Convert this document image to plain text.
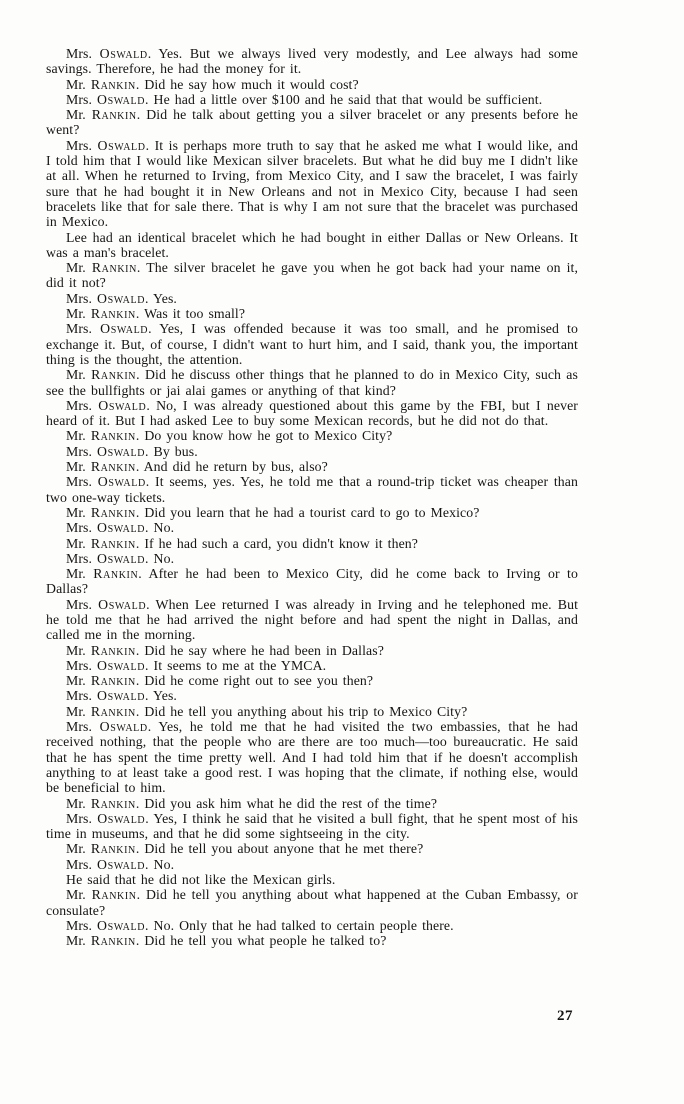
Mrs. Oswald. Yes. But we always lived very modestly, and Lee always had some savings. Therefore, he had the money for it.

Mr. Rankin. Did he say how much it would cost?

Mrs. Oswald. He had a little over $100 and he said that that would be sufficient.

Mr. Rankin. Did he talk about getting you a silver bracelet or any presents before he went?

Mrs. Oswald. It is perhaps more truth to say that he asked me what I would like, and I told him that I would like Mexican silver bracelets. But what he did buy me I didn't like at all. When he returned to Irving, from Mexico City, and I saw the bracelet, I was fairly sure that he had bought it in New Orleans and not in Mexico City, because I had seen bracelets like that for sale there. That is why I am not sure that the bracelet was purchased in Mexico.

Lee had an identical bracelet which he had bought in either Dallas or New Orleans. It was a man's bracelet.

Mr. Rankin. The silver bracelet he gave you when he got back had your name on it, did it not?

Mrs. Oswald. Yes.

Mr. Rankin. Was it too small?

Mrs. Oswald. Yes, I was offended because it was too small, and he promised to exchange it. But, of course, I didn't want to hurt him, and I said, thank you, the important thing is the thought, the attention.

Mr. Rankin. Did he discuss other things that he planned to do in Mexico City, such as see the bullfights or jai alai games or anything of that kind?

Mrs. Oswald. No, I was already questioned about this game by the FBI, but I never heard of it. But I had asked Lee to buy some Mexican records, but he did not do that.

Mr. Rankin. Do you know how he got to Mexico City?

Mrs. Oswald. By bus.

Mr. Rankin. And did he return by bus, also?

Mrs. Oswald. It seems, yes. Yes, he told me that a round-trip ticket was cheaper than two one-way tickets.

Mr. Rankin. Did you learn that he had a tourist card to go to Mexico?

Mrs. Oswald. No.

Mr. Rankin. If he had such a card, you didn't know it then?

Mrs. Oswald. No.

Mr. Rankin. After he had been to Mexico City, did he come back to Irving or to Dallas?

Mrs. Oswald. When Lee returned I was already in Irving and he telephoned me. But he told me that he had arrived the night before and had spent the night in Dallas, and called me in the morning.

Mr. Rankin. Did he say where he had been in Dallas?

Mrs. Oswald. It seems to me at the YMCA.

Mr. Rankin. Did he come right out to see you then?

Mrs. Oswald. Yes.

Mr. Rankin. Did he tell you anything about his trip to Mexico City?

Mrs. Oswald. Yes, he told me that he had visited the two embassies, that he had received nothing, that the people who are there are too much—too bureaucratic. He said that he has spent the time pretty well. And I had told him that if he doesn't accomplish anything to at least take a good rest. I was hoping that the climate, if nothing else, would be beneficial to him.

Mr. Rankin. Did you ask him what he did the rest of the time?

Mrs. Oswald. Yes, I think he said that he visited a bull fight, that he spent most of his time in museums, and that he did some sightseeing in the city.

Mr. Rankin. Did he tell you about anyone that he met there?

Mrs. Oswald. No.

He said that he did not like the Mexican girls.

Mr. Rankin. Did he tell you anything about what happened at the Cuban Embassy, or consulate?

Mrs. Oswald. No. Only that he had talked to certain people there.

Mr. Rankin. Did he tell you what people he talked to?

27
